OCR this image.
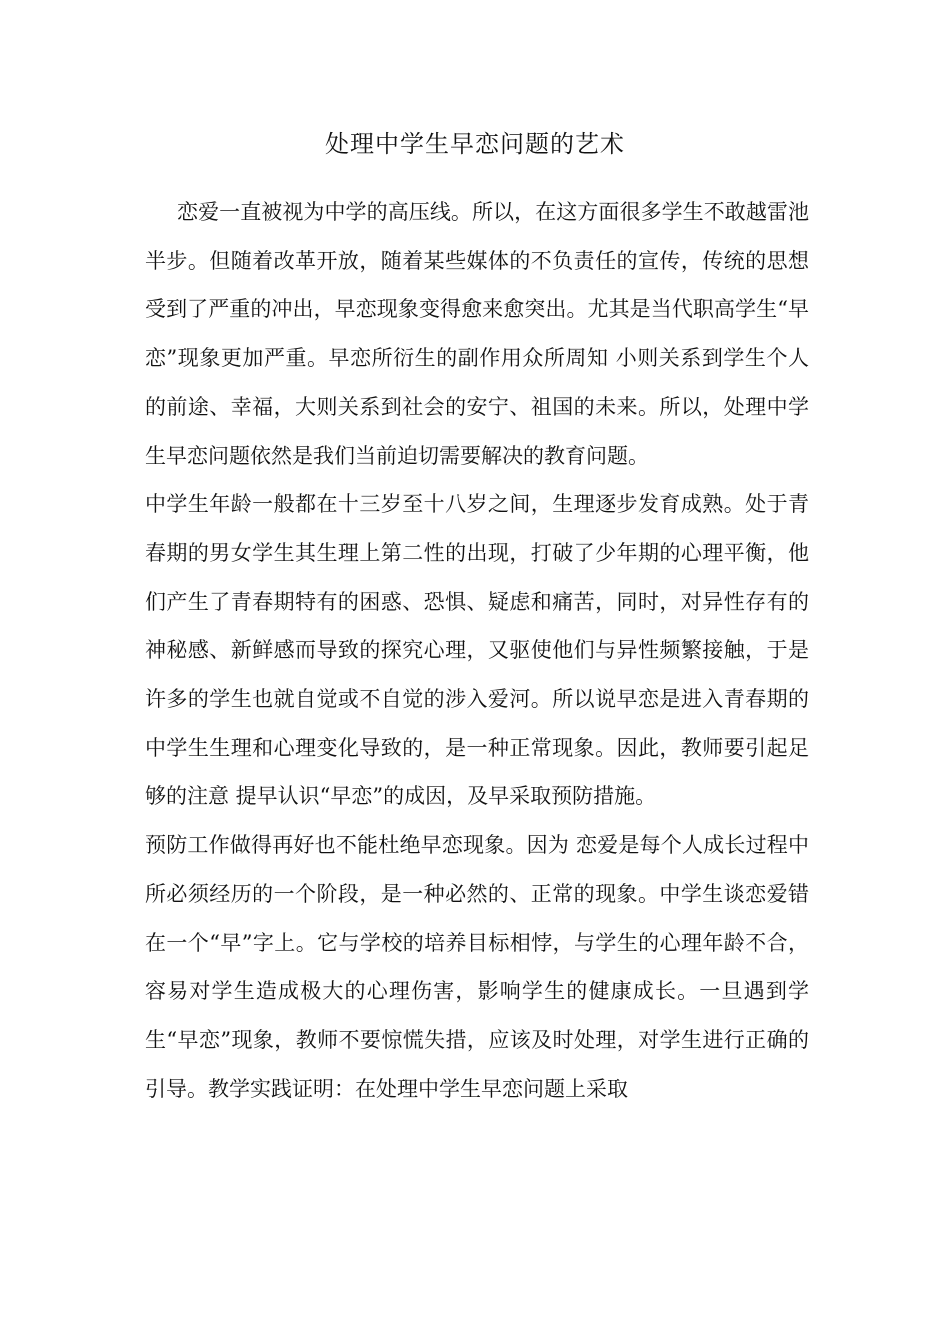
处理中学生早恋问题的艺术

恋爱一直被视为中学的高压线。所以，在这方面很多学生不敢越雷池半步。但随着改革开放，随着某些媒体的不负责任的宣传，传统的思想受到了严重的冲出，早恋现象变得愈来愈突出。尤其是当代职高学生“早恋”现象更加严重。早恋所衍生的副作用众所周知 小则关系到学生个人的前途、幸福，大则关系到社会的安宁、祖国的未来。所以，处理中学生早恋问题依然是我们当前迫切需要解决的教育问题。

中学生年龄一般都在十三岁至十八岁之间，生理逐步发育成熟。处于青春期的男女学生其生理上第二性的出现，打破了少年期的心理平衡，他们产生了青春期特有的困惑、恐惧、疑虑和痛苦，同时，对异性存有的神秘感、新鲜感而导致的探究心理，又驱使他们与异性频繁接触，于是许多的学生也就自觉或不自觉的涉入爱河。所以说早恋是进入青春期的中学生生理和心理变化导致的，是一种正常现象。因此，教师要引起足够的注意 提早认识“早恋”的成因，及早采取预防措施。

预防工作做得再好也不能杜绝早恋现象。因为 恋爱是每个人成长过程中所必须经历的一个阶段，是一种必然的、正常的现象。中学生谈恋爱错在一个“早”字上。它与学校的培养目标相悖，与学生的心理年龄不合，容易对学生造成极大的心理伤害，影响学生的健康成长。一旦遇到学生“早恋”现象，教师不要惊慌失措，应该及时处理，对学生进行正确的引导。教学实践证明：在处理中学生早恋问题上采取
